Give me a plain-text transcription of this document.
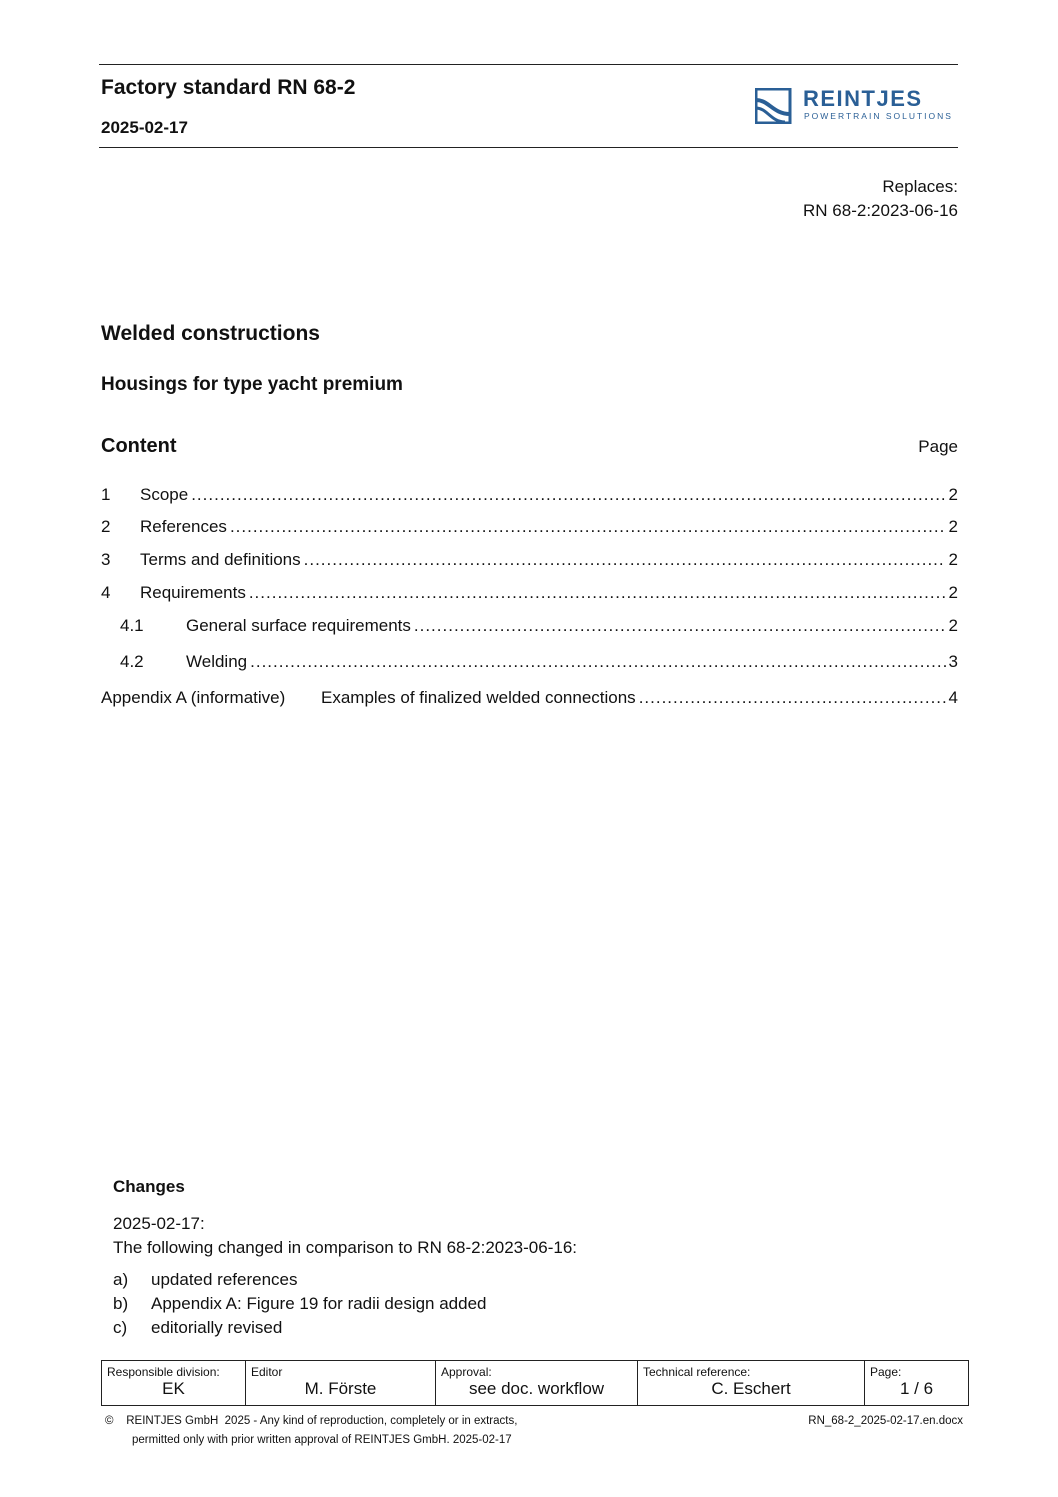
Factory standard RN 68-2
2025-02-17
REINTJES
POWERTRAIN SOLUTIONS
Replaces:
RN 68-2:2023-06-16
Welded constructions
Housings for type yacht premium
Content	Page
1	Scope .....	2
2	References .....	2
3	Terms and definitions .....	2
4	Requirements .....	2
4.1	General surface requirements .....	2
4.2	Welding .....	3
Appendix A (informative)	Examples of finalized welded connections .....	4
Changes
2025-02-17:
The following changed in comparison to RN 68-2:2023-06-16:
a)	updated references
b)	Appendix A: Figure 19 for radii design added
c)	editorially revised
Responsible division:
EK

Editor
M. Förste

Approval:
see doc. workflow

Technical reference:
C. Eschert

Page:
1 / 6
©    REINTJES GmbH  2025 - Any kind of reproduction, completely or in extracts,
permitted only with prior written approval of REINTJES GmbH. 2025-02-17
RN_68-2_2025-02-17.en.docx
